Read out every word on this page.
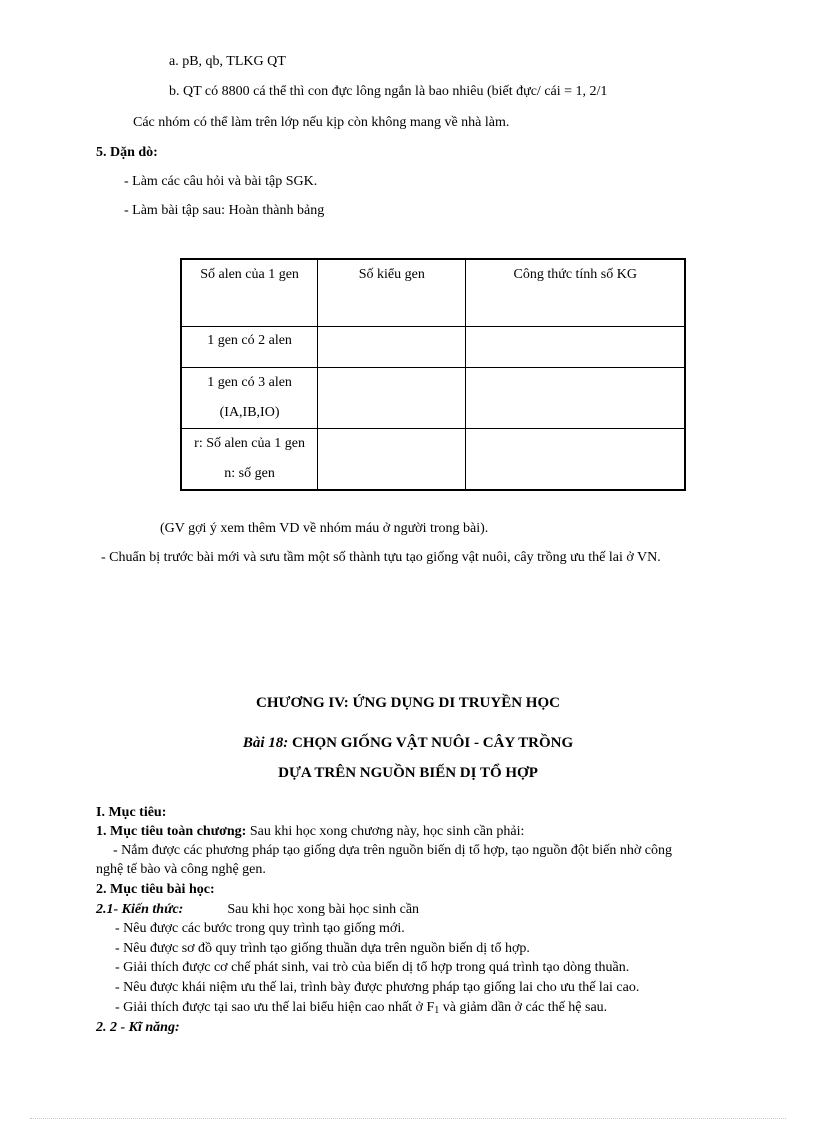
a. pB, qb, TLKG QT
b. QT có 8800 cá thể thì con đực lông ngắn là bao nhiêu (biết đực/ cái = 1, 2/1
Các nhóm có thể làm trên lớp nếu kịp còn không mang về nhà làm.
5. Dặn dò:
- Làm các câu hỏi và bài tập SGK.
- Làm bài tập sau: Hoàn thành bảng
Số alen của 1 gen	Số kiểu gen	Công thức tính số KG
1 gen có 2 alen		

1 gen có 3 alen
(IA,IB,IO)		

r: Số alen của 1 gen
n: số gen		

(GV gợi ý xem thêm VD về nhóm máu ở người trong bài).
- Chuẩn bị trước bài mới và sưu tầm một số thành tựu tạo giống vật nuôi, cây trồng ưu thế lai ở VN.
CHƯƠNG IV: ỨNG DỤNG DI TRUYỀN HỌC
Bài 18: CHỌN GIỐNG VẬT NUÔI - CÂY TRỒNG
DỰA TRÊN NGUỒN BIẾN DỊ TỔ HỢP
I. Mục tiêu:
1. Mục tiêu toàn chương: Sau khi học xong chương này, học sinh cần phải:
- Nắm được các phương pháp tạo giống dựa trên nguồn biến dị tổ hợp, tạo nguồn đột biến nhờ công
nghệ tế bào và công nghệ gen.
2. Mục tiêu bài học:
2.1- Kiến thức:	Sau khi học xong bài học sinh cần
- Nêu được các bước trong quy trình tạo giống mới.
- Nêu được sơ đồ quy trình tạo giống thuần dựa trên nguồn biến dị tổ hợp.
- Giải thích được cơ chế phát sinh, vai trò của biến dị tổ hợp trong quá trình tạo dòng thuần.
- Nêu được khái niệm ưu thế lai, trình bày được phương pháp tạo giống lai cho ưu thế lai cao.
- Giải thích được tại sao ưu thế lai biểu hiện cao nhất ở $F_1$ và giảm dần ở các thế hệ sau.
2. 2 - Kĩ năng:
